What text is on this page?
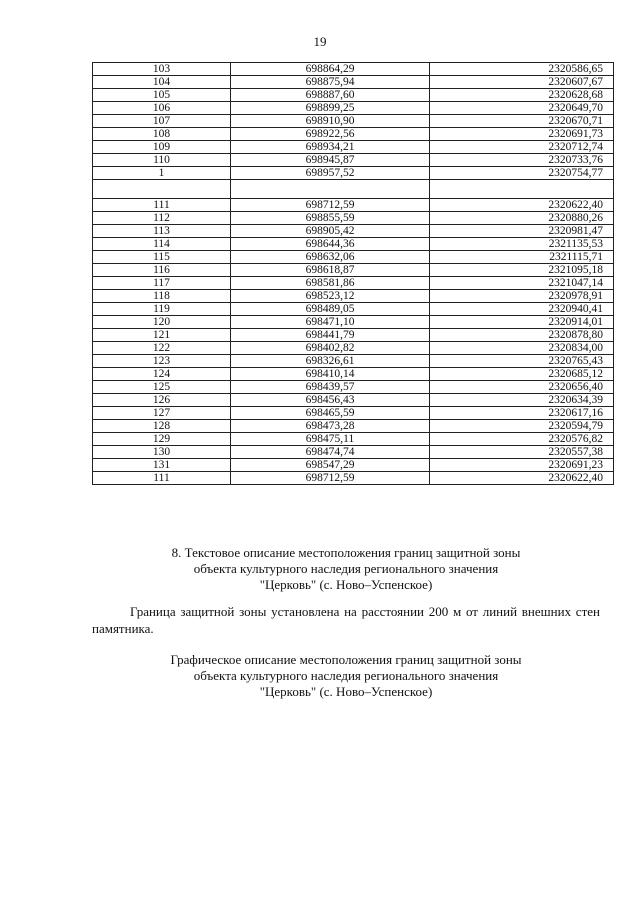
19
103	698864,29	2320586,65
104	698875,94	2320607,67
105	698887,60	2320628,68
106	698899,25	2320649,70
107	698910,90	2320670,71
108	698922,56	2320691,73
109	698934,21	2320712,74
110	698945,87	2320733,76
1	698957,52	2320754,77

111	698712,59	2320622,40
112	698855,59	2320880,26
113	698905,42	2320981,47
114	698644,36	2321135,53
115	698632,06	2321115,71
116	698618,87	2321095,18
117	698581,86	2321047,14
118	698523,12	2320978,91
119	698489,05	2320940,41
120	698471,10	2320914,01
121	698441,79	2320878,80
122	698402,82	2320834,00
123	698326,61	2320765,43
124	698410,14	2320685,12
125	698439,57	2320656,40
126	698456,43	2320634,39
127	698465,59	2320617,16
128	698473,28	2320594,79
129	698475,11	2320576,82
130	698474,74	2320557,38
131	698547,29	2320691,23
111	698712,59	2320622,40
8. Текстовое описание местоположения границ защитной зоны
объекта культурного наследия регионального значения
"Церковь" (с. Ново–Успенское)

Граница защитной зоны установлена на расстоянии 200 м от линий внешних стен памятника.

Графическое описание местоположения границ защитной зоны
объекта культурного наследия регионального значения
"Церковь" (с. Ново–Успенское)
